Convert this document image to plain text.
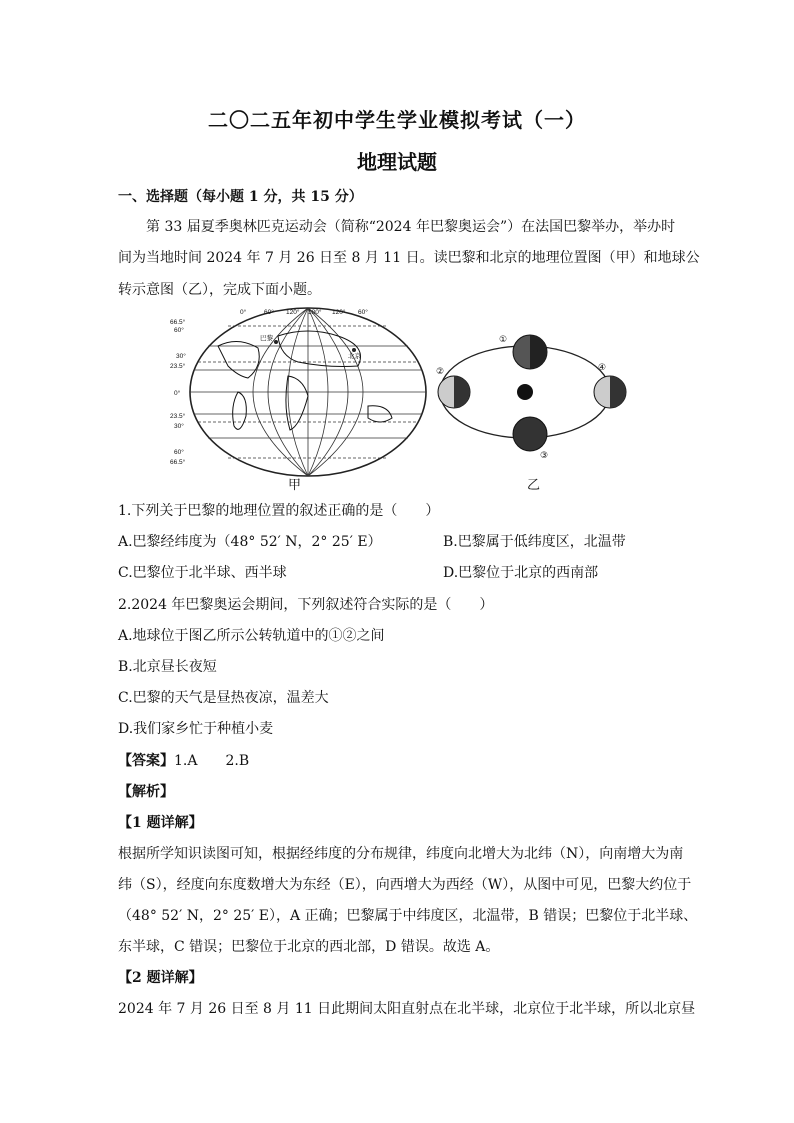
二〇二五年初中学生学业模拟考试（一）
地理试题
一、选择题（每小题 1 分，共 15 分）
第 33 届夏季奥林匹克运动会（简称“2024 年巴黎奥运会”）在法国巴黎举办，举办时
间为当地时间 2024 年 7 月 26 日至 8 月 11 日。读巴黎和北京的地理位置图（甲）和地球公
转示意图（乙），完成下面小题。
66.5°
60°
30°
23.5°
0°
23.5°
30°
60°
66.5°
0°	60° 120° 180° 120° 60°
巴黎
北京
①
②
③
④
甲	乙
1.下列关于巴黎的地理位置的叙述正确的是（　　）
A.巴黎经纬度为（48° 52′ N，2° 25′ E）	B.巴黎属于低纬度区，北温带
C.巴黎位于北半球、西半球	D.巴黎位于北京的西南部
2.2024 年巴黎奥运会期间，下列叙述符合实际的是（　　）
A.地球位于图乙所示公转轨道中的①②之间
B.北京昼长夜短
C.巴黎的天气是昼热夜凉，温差大
D.我们家乡忙于种植小麦
【答案】1.A　　2.B
【解析】
【1 题详解】
根据所学知识读图可知，根据经纬度的分布规律，纬度向北增大为北纬（N），向南增大为南
纬（S），经度向东度数增大为东经（E），向西增大为西经（W），从图中可见，巴黎大约位于
（48° 52′ N，2° 25′ E），A 正确；巴黎属于中纬度区，北温带，B 错误；巴黎位于北半球、
东半球，C 错误；巴黎位于北京的西北部，D 错误。故选 A。
【2 题详解】
2024 年 7 月 26 日至 8 月 11 日此期间太阳直射点在北半球，北京位于北半球，所以北京昼
